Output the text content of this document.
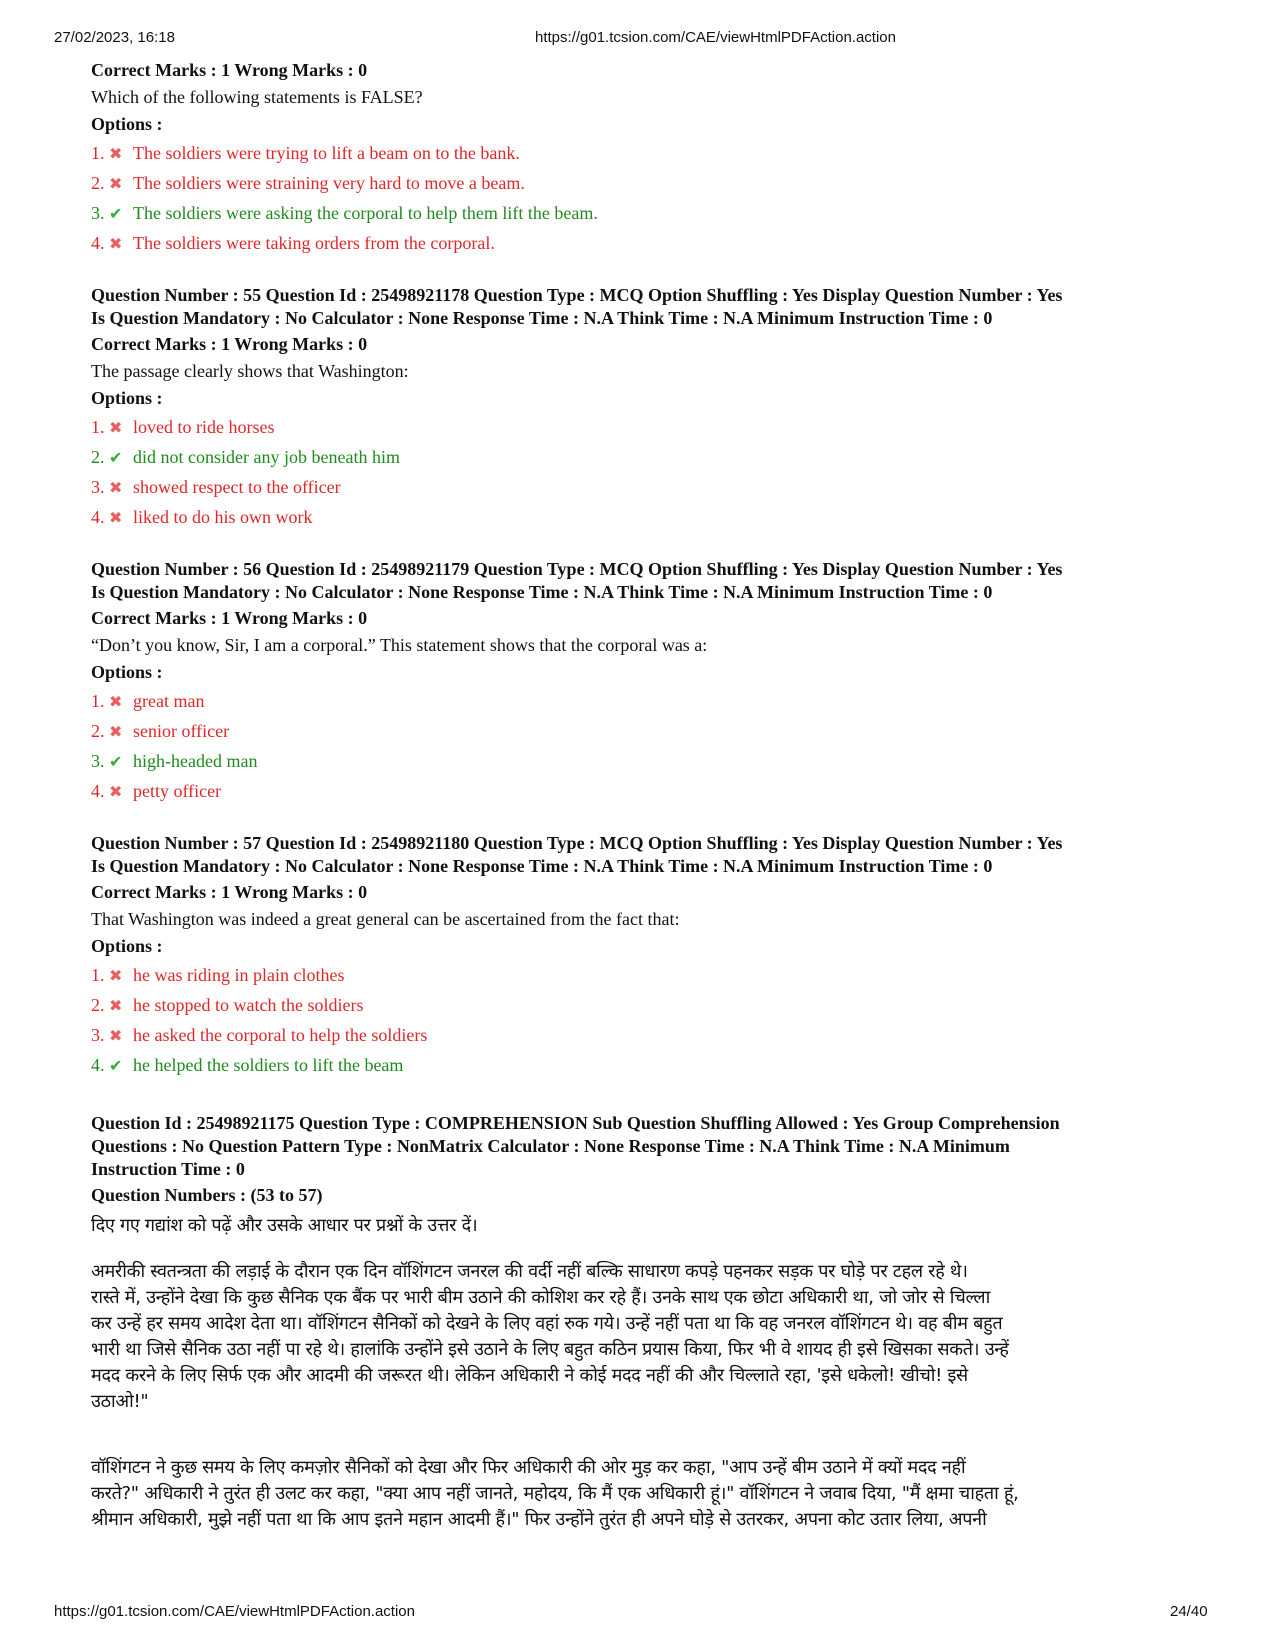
27/02/2023, 16:18	https://g01.tcsion.com/CAE/viewHtmlPDFAction.action
Correct Marks : 1 Wrong Marks : 0
Which of the following statements is FALSE?
Options :
1. ✖ The soldiers were trying to lift a beam on to the bank.
2. ✖ The soldiers were straining very hard to move a beam.
3. ✔ The soldiers were asking the corporal to help them lift the beam.
4. ✖ The soldiers were taking orders from the corporal.
Question Number : 55 Question Id : 25498921178 Question Type : MCQ Option Shuffling : Yes Display Question Number : Yes
Is Question Mandatory : No Calculator : None Response Time : N.A Think Time : N.A Minimum Instruction Time : 0
Correct Marks : 1 Wrong Marks : 0
The passage clearly shows that Washington:
Options :
1. ✖ loved to ride horses
2. ✔ did not consider any job beneath him
3. ✖ showed respect to the officer
4. ✖ liked to do his own work
Question Number : 56 Question Id : 25498921179 Question Type : MCQ Option Shuffling : Yes Display Question Number : Yes
Is Question Mandatory : No Calculator : None Response Time : N.A Think Time : N.A Minimum Instruction Time : 0
Correct Marks : 1 Wrong Marks : 0
“Don’t you know, Sir, I am a corporal.” This statement shows that the corporal was a:
Options :
1. ✖ great man
2. ✖ senior officer
3. ✔ high-headed man
4. ✖ petty officer
Question Number : 57 Question Id : 25498921180 Question Type : MCQ Option Shuffling : Yes Display Question Number : Yes
Is Question Mandatory : No Calculator : None Response Time : N.A Think Time : N.A Minimum Instruction Time : 0
Correct Marks : 1 Wrong Marks : 0
That Washington was indeed a great general can be ascertained from the fact that:
Options :
1. ✖ he was riding in plain clothes
2. ✖ he stopped to watch the soldiers
3. ✖ he asked the corporal to help the soldiers
4. ✔ he helped the soldiers to lift the beam
Question Id : 25498921175 Question Type : COMPREHENSION Sub Question Shuffling Allowed : Yes Group Comprehension
Questions : No Question Pattern Type : NonMatrix Calculator : None Response Time : N.A Think Time : N.A Minimum
Instruction Time : 0
Question Numbers : (53 to 57)
दिए गए गद्यांश को पढ़ें और उसके आधार पर प्रश्नों के उत्तर दें।
अमरीकी स्वतन्त्रता की लड़ाई के दौरान एक दिन वॉशिंगटन जनरल की वर्दी नहीं बल्कि साधारण कपड़े पहनकर सड़क पर घोड़े पर टहल रहे थे।
रास्ते में, उन्होंने देखा कि कुछ सैनिक एक बैंक पर भारी बीम उठाने की कोशिश कर रहे हैं। उनके साथ एक छोटा अधिकारी था, जो जोर से चिल्ला
कर उन्हें हर समय आदेश देता था। वॉशिंगटन सैनिकों को देखने के लिए वहां रुक गये। उन्हें नहीं पता था कि वह जनरल वॉशिंगटन थे। वह बीम बहुत
भारी था जिसे सैनिक उठा नहीं पा रहे थे। हालांकि उन्होंने इसे उठाने के लिए बहुत कठिन प्रयास किया, फिर भी वे शायद ही इसे खिसका सकते। उन्हें
मदद करने के लिए सिर्फ एक और आदमी की जरूरत थी। लेकिन अधिकारी ने कोई मदद नहीं की और चिल्लाते रहा, 'इसे धकेलो! खीचो! इसे
उठाओ!"
वॉशिंगटन ने कुछ समय के लिए कमज़ोर सैनिकों को देखा और फिर अधिकारी की ओर मुड़ कर कहा, "आप उन्हें बीम उठाने में क्यों मदद नहीं
करते?" अधिकारी ने तुरंत ही उलट कर कहा, "क्या आप नहीं जानते, महोदय, कि मैं एक अधिकारी हूं।" वॉशिंगटन ने जवाब दिया, "मैं क्षमा चाहता हूं,
श्रीमान अधिकारी, मुझे नहीं पता था कि आप इतने महान आदमी हैं।" फिर उन्होंने तुरंत ही अपने घोड़े से उतरकर, अपना कोट उतार लिया, अपनी
https://g01.tcsion.com/CAE/viewHtmlPDFAction.action	24/40
